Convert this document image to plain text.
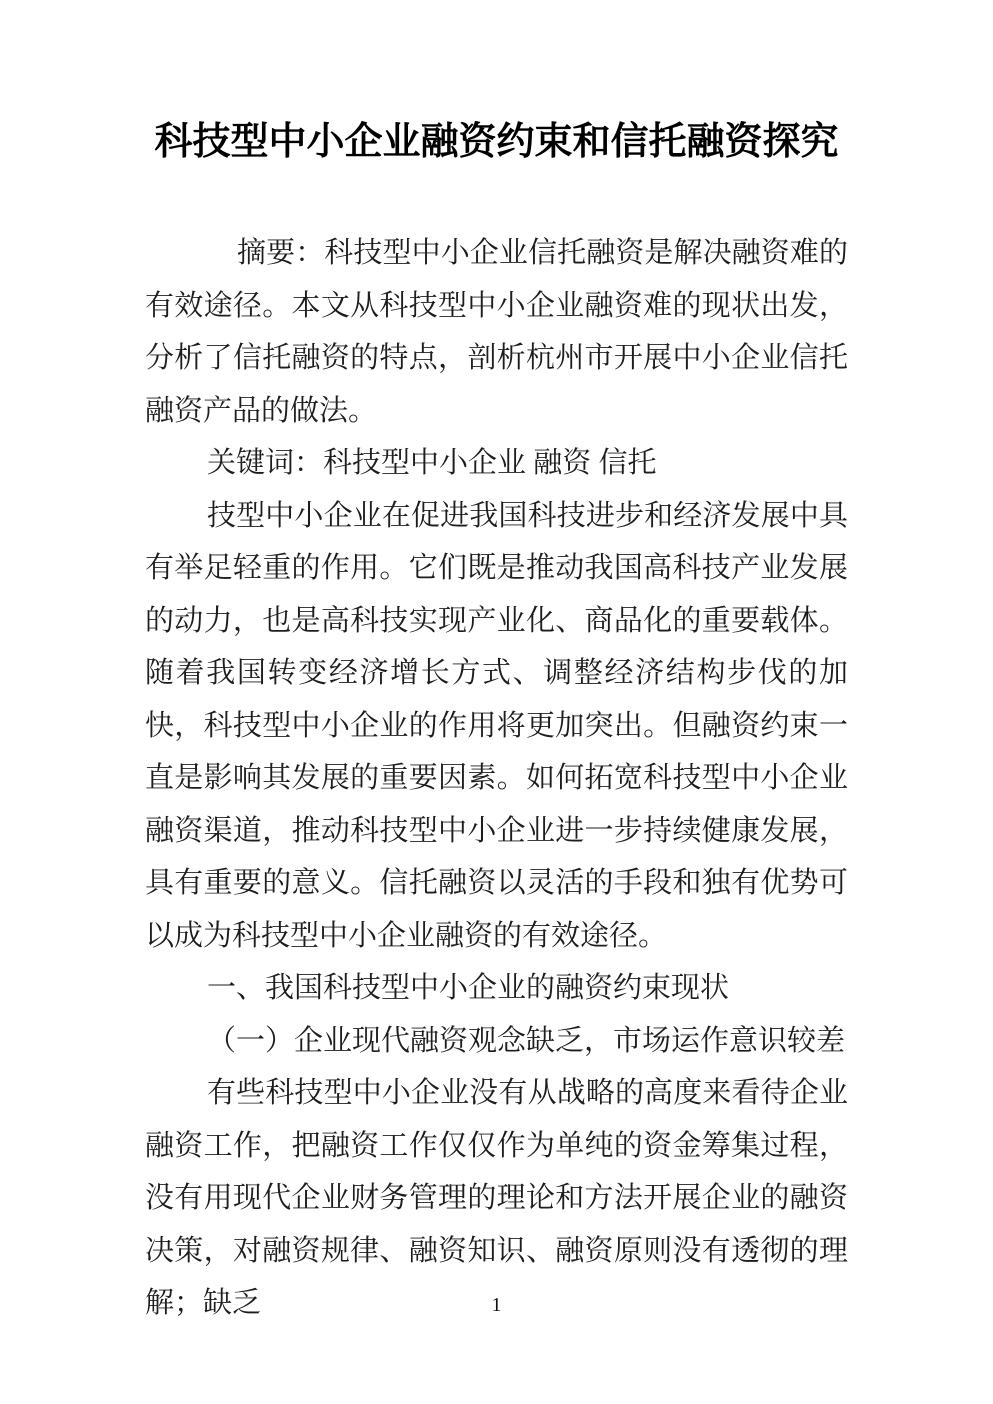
科技型中小企业融资约束和信托融资探究

摘要：科技型中小企业信托融资是解决融资难的有效途径。本文从科技型中小企业融资难的现状出发，分析了信托融资的特点，剖析杭州市开展中小企业信托融资产品的做法。

关键词：科技型中小企业 融资 信托

技型中小企业在促进我国科技进步和经济发展中具有举足轻重的作用。它们既是推动我国高科技产业发展的动力，也是高科技实现产业化、商品化的重要载体。随着我国转变经济增长方式、调整经济结构步伐的加快，科技型中小企业的作用将更加突出。但融资约束一直是影响其发展的重要因素。如何拓宽科技型中小企业融资渠道，推动科技型中小企业进一步持续健康发展，具有重要的意义。信托融资以灵活的手段和独有优势可以成为科技型中小企业融资的有效途径。

一、我国科技型中小企业的融资约束现状

（一）企业现代融资观念缺乏，市场运作意识较差

有些科技型中小企业没有从战略的高度来看待企业融资工作，把融资工作仅仅作为单纯的资金筹集过程，没有用现代企业财务管理的理论和方法开展企业的融资决策，对融资规律、融资知识、融资原则没有透彻的理解；缺乏	1
